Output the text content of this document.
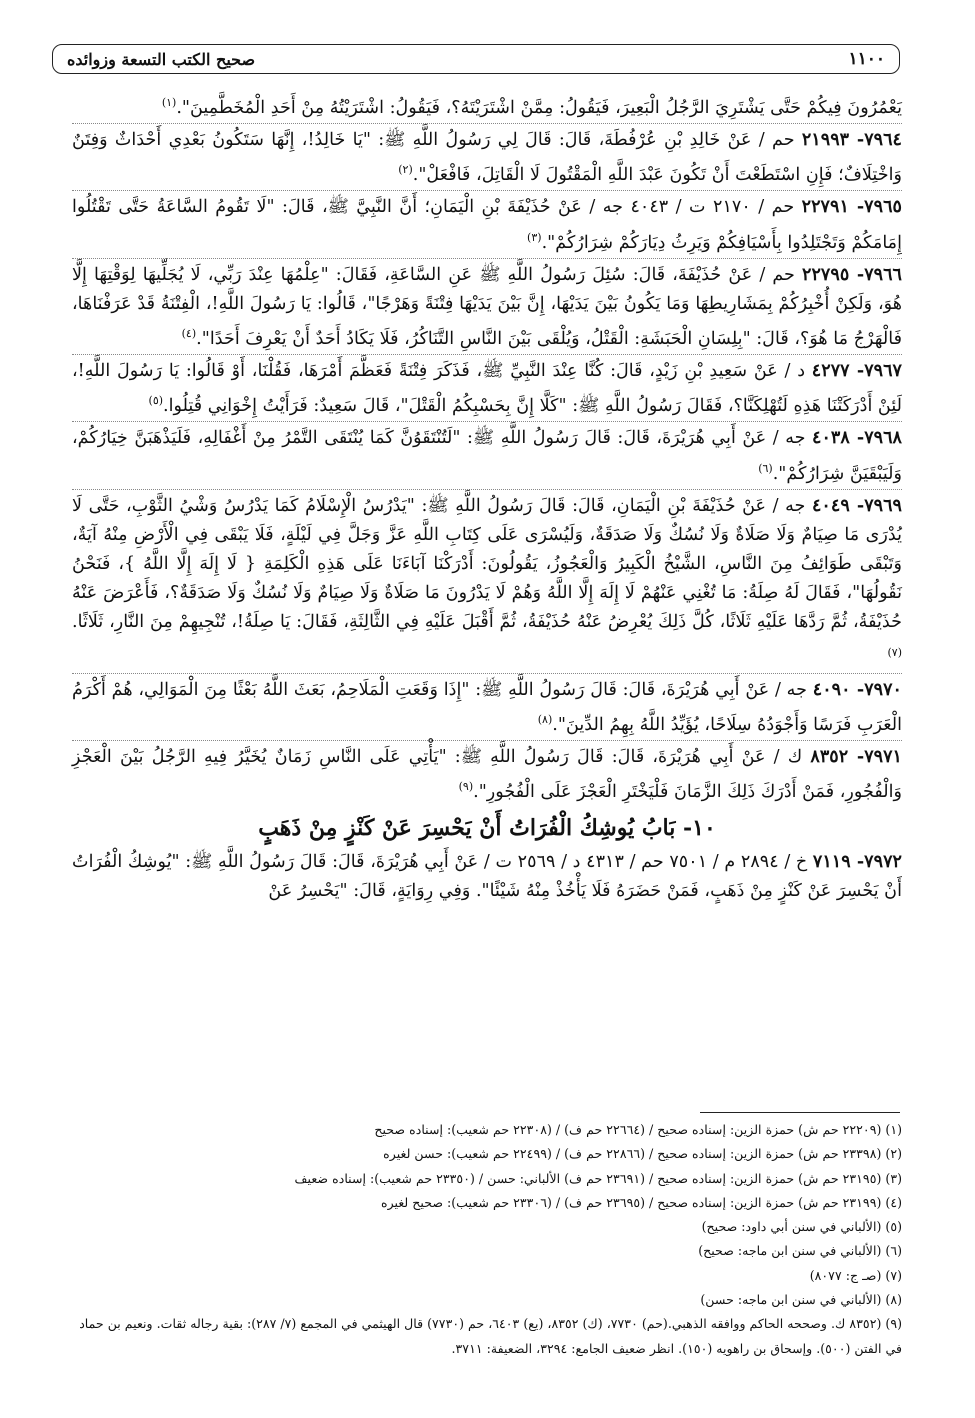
١١٠٠
صحيح الكتب التسعة وزوائده

يَعْمُرُونَ فِيكُمْ حَتَّى يَشْتَرِيَ الرَّجُلُ الْبَعِيرَ، فَيَقُولُ: مِمَّنْ اشْتَرَيْتَهُ؟، فَيَقُولُ: اشْتَرَيْتُهُ مِنْ أَحَدِ الْمُخَطَّمِينَ".$^{(١)}$

٧٩٦٤- ٢١٩٩٣ حم / عَنْ خَالِدِ بْنِ عُرْفُطَةَ، قَالَ: قَالَ لِي رَسُولُ اللَّهِ ﷺ: "يَا خَالِدُ!، إِنَّهَا سَتَكُونُ بَعْدِي أَحْدَاثٌ وَفِتَنٌ وَاخْتِلَافٌ؛ فَإِنِ اسْتَطَعْتَ أَنْ تَكُونَ عَبْدَ اللَّهِ الْمَقْتُولَ لَا الْقَاتِلَ، فَافْعَلْ".$^{(٢)}$

٧٩٦٥- ٢٢٧٩١ حم / ٢١٧٠ ت / ٤٠٤٣ جه / عَنْ حُذَيْفَةَ بْنِ الْيَمَانِ؛ أَنَّ النَّبِيَّ ﷺ، قَالَ: "لَا تَقُومُ السَّاعَةُ حَتَّى تَقْتُلُوا إِمَامَكُمْ وَتَجْتَلِدُوا بِأَسْيَافِكُمْ وَيَرِثُ دِيَارَكُمْ شِرَارُكُمْ".$^{(٣)}$

٧٩٦٦- ٢٢٧٩٥ حم / عَنْ حُذَيْفَةَ، قَالَ: سُئِلَ رَسُولُ اللَّهِ ﷺ عَنِ السَّاعَةِ، فَقَالَ: "عِلْمُهَا عِنْدَ رَبِّي، لَا يُجَلِّيهَا لِوَقْتِهَا إِلَّا هُوَ، وَلَكِنْ أُخْبِرُكُمْ بِمَشَارِيطِهَا وَمَا يَكُونُ بَيْنَ يَدَيْهَا، إِنَّ بَيْنَ يَدَيْهَا فِتْنَةً وَهَرْجًا"، قَالُوا: يَا رَسُولَ اللَّهِ!، الْفِتْنَةُ قَدْ عَرَفْنَاهَا، فَالْهَرْجُ مَا هُوَ؟، قَالَ: "بِلِسَانِ الْحَبَشَةِ: الْقَتْلُ، وَيُلْقَى بَيْنَ النَّاسِ التَّنَاكُرُ، فَلَا يَكَادُ أَحَدٌ أَنْ يَعْرِفَ أَحَدًا".$^{(٤)}$

٧٩٦٧- ٤٢٧٧ د / عَنْ سَعِيدِ بْنِ زَيْدٍ، قَالَ: كُنَّا عِنْدَ النَّبِيِّ ﷺ، فَذَكَرَ فِتْنَةً فَعَظَّمَ أَمْرَهَا، فَقُلْنَا، أَوْ قَالُوا: يَا رَسُولَ اللَّهِ!، لَئِنْ أَدْرَكَتْنَا هَذِهِ لَتُهْلِكَنَّا؟، فَقَالَ رَسُولُ اللَّهِ ﷺ: "كَلَّا إِنَّ بِحَسْبِكُمُ الْقَتْلَ"، قَالَ سَعِيدٌ: فَرَأَيْتُ إِخْوَانِي قُتِلُوا.$^{(٥)}$

٧٩٦٨- ٤٠٣٨ جه / عَنْ أَبِي هُرَيْرَةَ، قَالَ: قَالَ رَسُولُ اللَّهِ ﷺ: "لَتُنْتَقَوُنَّ كَمَا يُنْتَقَى التَّمْرُ مِنْ أَغْفَالِهِ، فَلَيَذْهَبَنَّ خِيَارُكُمْ، وَلَيَبْقَيَنَّ شِرَارُكُمْ".$^{(٦)}$

٧٩٦٩- ٤٠٤٩ جه / عَنْ حُذَيْفَةَ بْنِ الْيَمَانِ، قَالَ: قَالَ رَسُولُ اللَّهِ ﷺ: "يَدْرُسُ الْإِسْلَامُ كَمَا يَدْرُسُ وَشْيُ الثَّوْبِ، حَتَّى لَا يُدْرَى مَا صِيَامٌ وَلَا صَلَاةٌ وَلَا نُسُكٌ وَلَا صَدَقَةٌ، وَلَيُسْرَى عَلَى كِتَابِ اللَّهِ عَزَّ وَجَلَّ فِي لَيْلَةٍ، فَلَا يَبْقَى فِي الْأَرْضِ مِنْهُ آيَةٌ، وَتَبْقَى طَوَائِفُ مِنَ النَّاسِ، الشَّيْخُ الْكَبِيرُ وَالْعَجُوزُ، يَقُولُونَ: أَدْرَكْنَا آبَاءَنَا عَلَى هَذِهِ الْكَلِمَةِ { لَا إِلَهَ إِلَّا اللَّهُ }، فَنَحْنُ نَقُولُهَا"، فَقَالَ لَهُ صِلَةُ: مَا تُغْنِي عَنْهُمْ لَا إِلَهَ إِلَّا اللَّهُ وَهُمْ لَا يَدْرُونَ مَا صَلَاةٌ وَلَا صِيَامٌ وَلَا نُسُكٌ وَلَا صَدَقَةٌ؟، فَأَعْرَضَ عَنْهُ حُذَيْفَةُ، ثُمَّ رَدَّهَا عَلَيْهِ ثَلَاثًا، كُلَّ ذَلِكَ يُعْرِضُ عَنْهُ حُذَيْفَةُ، ثُمَّ أَقْبَلَ عَلَيْهِ فِي الثَّالِثَةِ، فَقَالَ: يَا صِلَةُ!، تُنْجِيهِمْ مِنَ النَّارِ، ثَلَاثًا.$^{(٧)}$

٧٩٧٠- ٤٠٩٠ جه / عَنْ أَبِي هُرَيْرَةَ، قَالَ: قَالَ رَسُولُ اللَّهِ ﷺ: "إِذَا وَقَعَتِ الْمَلَاحِمُ، بَعَثَ اللَّهُ بَعْثًا مِنَ الْمَوَالِي، هُمْ أَكْرَمُ الْعَرَبِ فَرَسًا وَأَجْوَدُهُ سِلَاحًا، يُؤَيِّدُ اللَّهُ بِهِمُ الدِّينَ".$^{(٨)}$

٧٩٧١- ٨٣٥٢ ك / عَنْ أَبِي هُرَيْرَةَ، قَالَ: قَالَ رَسُولُ اللَّهِ ﷺ: "يَأْتِي عَلَى النَّاسِ زَمَانٌ يُخَيَّرُ فِيهِ الرَّجُلُ بَيْنَ الْعَجْزِ وَالْفُجُورِ، فَمَنْ أَدْرَكَ ذَلِكَ الزَّمَانَ فَلْيَخْتَرِ الْعَجْزَ عَلَى الْفُجُورِ".$^{(٩)}$

١٠- بَابُ يُوشِكُ الْفُرَاتُ أَنْ يَحْسِرَ عَنْ كَنْزٍ مِنْ ذَهَبٍ

٧٩٧٢- ٧١١٩ خ / ٢٨٩٤ م / ٧٥٠١ حم / ٤٣١٣ د / ٢٥٦٩ ت / عَنْ أَبِي هُرَيْرَةَ، قَالَ: قَالَ رَسُولُ اللَّهِ ﷺ: "يُوشِكُ الْفُرَاتُ أَنْ يَحْسِرَ عَنْ كَنْزٍ مِنْ ذَهَبٍ، فَمَنْ حَضَرَهُ فَلَا يَأْخُذْ مِنْهُ شَيْئًا". وَفِي رِوَايَةٍ، قَالَ: "يَحْسِرُ عَنْ

(١) (٢٢٢٠٩ حم ش) حمزة الزين: إسناده صحيح / (٢٢٦٦٤ حم ف) / (٢٢٣٠٨ حم شعيب): إسناده صحيح

(٢) (٢٣٣٩٨ حم ش) حمزة الزين: إسناده صحيح / (٢٢٨٦٦ حم ف) / (٢٢٤٩٩ حم شعيب): حسن لغيره

(٣) (٢٣١٩٥ حم ش) حمزة الزين: إسناده صحيح / (٢٣٦٩١ حم ف) الألباني: حسن / (٢٣٣٥٠ حم شعيب): إسناده ضعيف

(٤) (٢٣١٩٩ حم ش) حمزة الزين: إسناده صحيح / (٢٣٦٩٥ حم ف) / (٢٣٣٠٦ حم شعيب): صحيح لغيره

(٥) (الألباني في سنن أبي داود: صحيح)

(٦) (الألباني في سنن ابن ماجه: صحيح)

(٧) (صـ ج: ٨٠٧٧)

(٨) (الألباني في سنن ابن ماجه: حسن)

(٩) (٨٣٥٢ ك. وصححه الحاكم ووافقه الذهبي.(حم) ٧٧٣٠، (ك) ٨٣٥٢، (يع) ٦٤٠٣، حم (٧٧٣٠) قال الهيثمي في المجمع (٧/ ٢٨٧): بقية رجاله ثقات. ونعيم بن حماد في الفتن (٥٠٠). وإسحاق بن راهويه (١٥٠). انظر ضعيف الجامع: ٣٢٩٤، الضعيفة: ٣٧١١.
